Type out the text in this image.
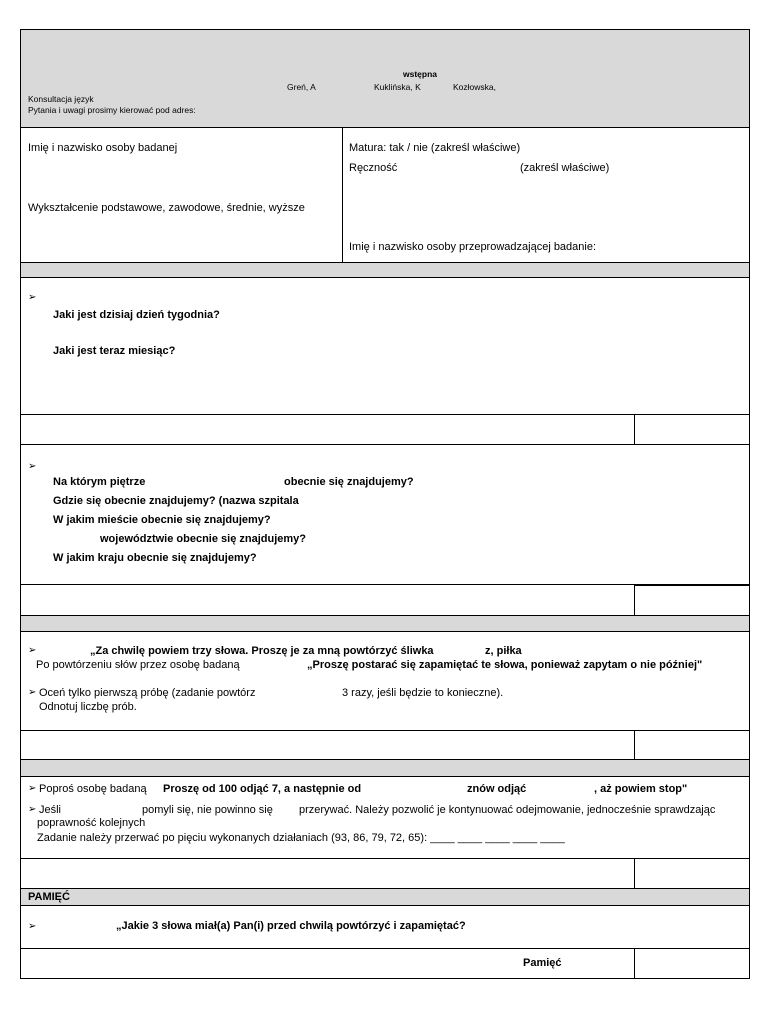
wstępna
Greń, A	Kuklińska, K	Kozłowska,
Konsultacja język
Pytania i uwagi prosimy kierować pod adres:
Imię i nazwisko osoby badanej
Wykształcenie podstawowe, zawodowe, średnie, wyższe
Matura: tak / nie (zakreśl właściwe)
Ręczność	(zakreśl właściwe)
Imię i nazwisko osoby przeprowadzającej badanie:
➢
Jaki jest dzisiaj dzień tygodnia?
Jaki jest teraz miesiąc?
➢
Na którym piętrze	obecnie się znajdujemy?
Gdzie się obecnie znajdujemy? (nazwa szpitala
W jakim mieście obecnie się znajdujemy?
województwie obecnie się znajdujemy?
W jakim kraju obecnie się znajdujemy?
➢	„Za chwilę powiem trzy słowa. Proszę je za mną powtórzyć śliwka	z, piłka
Po powtórzeniu słów przez osobę badaną	„Proszę postarać się zapamiętać te słowa, ponieważ zapytam o nie później"
➢ Oceń tylko pierwszą próbę (zadanie powtórz	3 razy, jeśli będzie to konieczne).
Odnotuj liczbę prób.
➢ Poproś osobę badaną Proszę od 100 odjąć 7, a następnie od	znów odjąć	, aż powiem stop"
➢ Jeśli	pomyli się, nie powinno się przerywać. Należy pozwolić je kontynuować odejmowanie, jednocześnie sprawdzając
poprawność kolejnych
Zadanie należy przerwać po pięciu wykonanych działaniach (93, 86, 79, 72, 65): ____ ____ ____ ____ ____
PAMIĘĆ
➢	„Jakie 3 słowa miał(a) Pan(i) przed chwilą powtórzyć i zapamiętać?
Pamięć
